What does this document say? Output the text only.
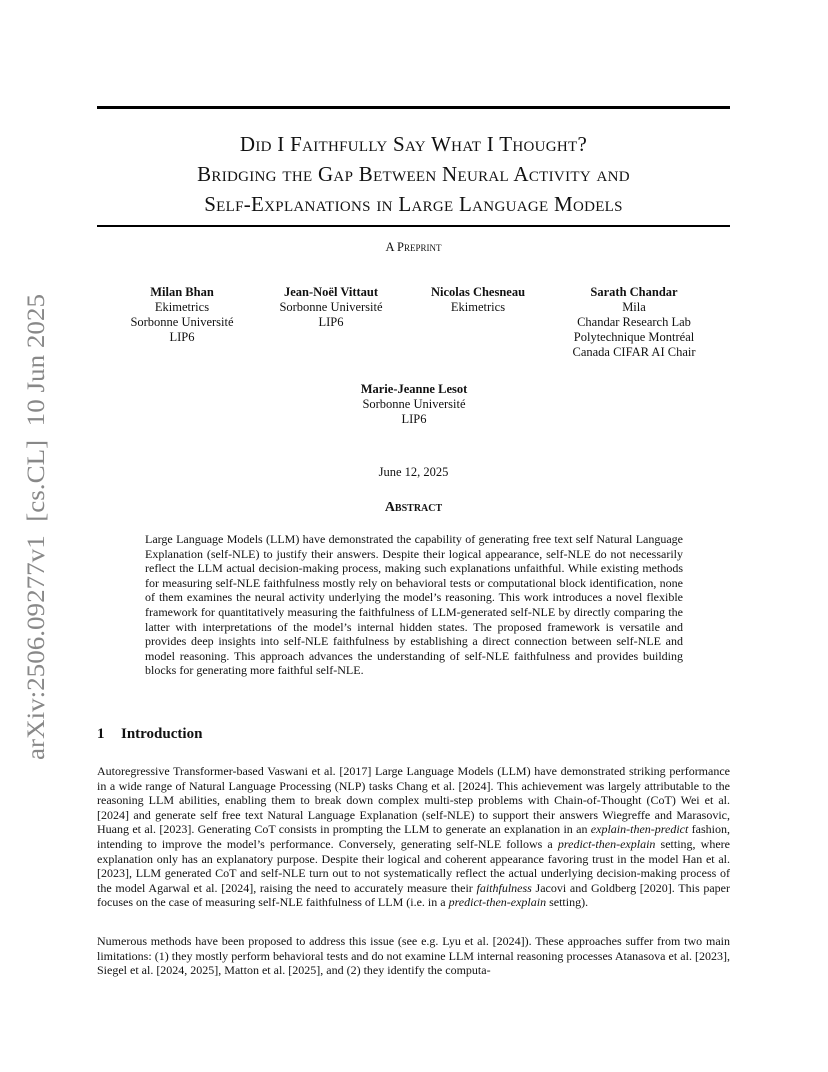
arXiv:2506.09277v1  [cs.CL]  10 Jun 2025
Did I Faithfully Say What I Thought?
Bridging the Gap Between Neural Activity and
Self-Explanations in Large Language Models
A Preprint
Milan Bhan
Ekimetrics
Sorbonne Université
LIP6
Jean-Noël Vittaut
Sorbonne Université
LIP6
Nicolas Chesneau
Ekimetrics
Sarath Chandar
Mila
Chandar Research Lab
Polytechnique Montréal
Canada CIFAR AI Chair
Marie-Jeanne Lesot
Sorbonne Université
LIP6
June 12, 2025
Abstract

Large Language Models (LLM) have demonstrated the capability of generating free text self Natural Language Explanation (self-NLE) to justify their answers. Despite their logical appearance, self-NLE do not necessarily reflect the LLM actual decision-making process, making such explanations unfaithful. While existing methods for measuring self-NLE faithfulness mostly rely on behavioral tests or computational block identification, none of them examines the neural activity underlying the model’s reasoning. This work introduces a novel flexible framework for quantitatively measuring the faithfulness of LLM-generated self-NLE by directly comparing the latter with interpretations of the model’s internal hidden states. The proposed framework is versatile and provides deep insights into self-NLE faithfulness by establishing a direct connection between self-NLE and model reasoning. This approach advances the understanding of self-NLE faithfulness and provides building blocks for generating more faithful self-NLE.

1 Introduction

Autoregressive Transformer-based Vaswani et al. [2017] Large Language Models (LLM) have demonstrated striking performance in a wide range of Natural Language Processing (NLP) tasks Chang et al. [2024]. This achievement was largely attributable to the reasoning LLM abilities, enabling them to break down complex multi-step problems with Chain-of-Thought (CoT) Wei et al. [2024] and generate self free text Natural Language Explanation (self-NLE) to support their answers Wiegreffe and Marasovic, Huang et al. [2023]. Generating CoT consists in prompting the LLM to generate an explanation in an explain-then-predict fashion, intending to improve the model’s performance. Conversely, generating self-NLE follows a predict-then-explain setting, where explanation only has an explanatory purpose. Despite their logical and coherent appearance favoring trust in the model Han et al. [2023], LLM generated CoT and self-NLE turn out to not systematically reflect the actual underlying decision-making process of the model Agarwal et al. [2024], raising the need to accurately measure their faithfulness Jacovi and Goldberg [2020]. This paper focuses on the case of measuring self-NLE faithfulness of LLM (i.e. in a predict-then-explain setting).

Numerous methods have been proposed to address this issue (see e.g. Lyu et al. [2024]). These approaches suffer from two main limitations: (1) they mostly perform behavioral tests and do not examine LLM internal reasoning processes Atanasova et al. [2023], Siegel et al. [2024, 2025], Matton et al. [2025], and (2) they identify the computa-
